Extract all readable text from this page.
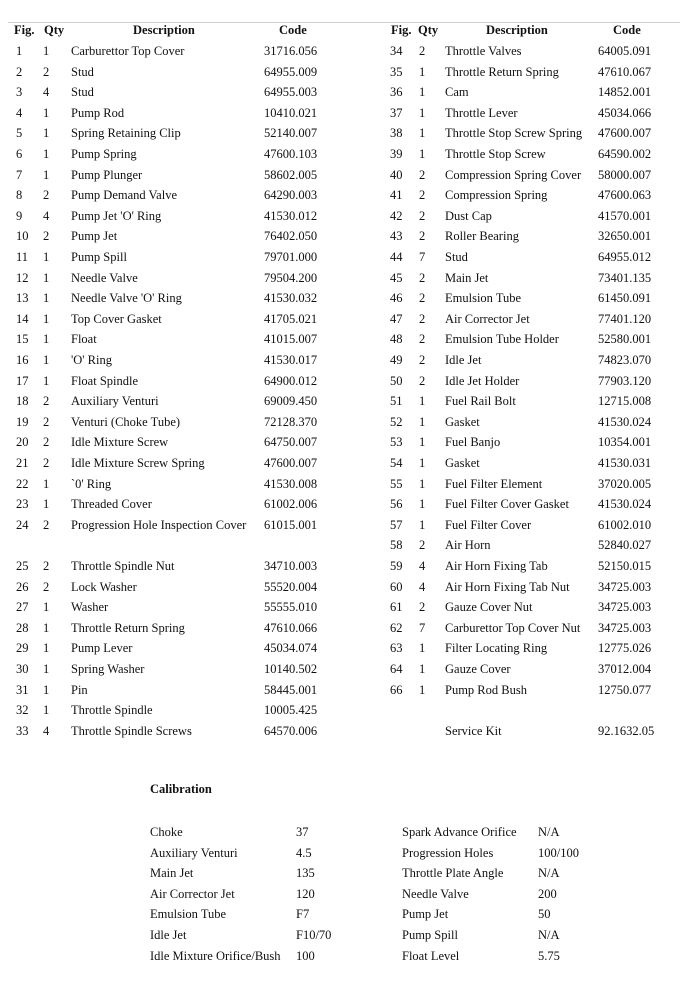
Fig. Qty	Description	Code
1 1 Carburettor Top Cover	31716.056
2 2 Stud	64955.009
3 4 Stud	64955.003
4 1 Pump Rod	10410.021
5 1 Spring Retaining Clip	52140.007
6 1 Pump Spring	47600.103
7 1 Pump Plunger	58602.005
8 2 Pump Demand Valve	64290.003
9 4 Pump Jet 'O' Ring	41530.012
10 2 Pump Jet	76402.050
11 1 Pump Spill	79701.000
12 1 Needle Valve	79504.200
13 1 Needle Valve 'O' Ring	41530.032
14 1 Top Cover Gasket	41705.021
15 1 Float	41015.007
16 1 'O' Ring	41530.017
17 1 Float Spindle	64900.012
18 2 Auxiliary Venturi	69009.450
19 2 Venturi (Choke Tube)	72128.370
20 2 Idle Mixture Screw	64750.007
21 2 Idle Mixture Screw Spring	47600.007
22 1 `0' Ring	41530.008
23 1 Threaded Cover	61002.006
24 2 Progression Hole Inspection Cover 61015.001
25 2 Throttle Spindle Nut	34710.003
26 2 Lock Washer	55520.004
27 1 Washer	55555.010
28 1 Throttle Return Spring	47610.066
29 1 Pump Lever	45034.074
30 1 Spring Washer	10140.502
31 1 Pin	58445.001
32 1 Throttle Spindle	10005.425
33 4 Throttle Spindle Screws	64570.006
Fig. Qty	Description	Code
34 2 Throttle Valves	64005.091
35 1 Throttle Return Spring	47610.067
36 1 Cam	14852.001
37 1 Throttle Lever	45034.066
38 1 Throttle Stop Screw Spring 47600.007
39 1 Throttle Stop Screw	64590.002
40 2 Compression Spring Cover 58000.007
41 2 Compression Spring	47600.063
42 2 Dust Cap	41570.001
43 2 Roller Bearing	32650.001
44 7 Stud	64955.012
45 2 Main Jet	73401.135
46 2 Emulsion Tube	61450.091
47 2 Air Corrector Jet	77401.120
48 2 Emulsion Tube Holder	52580.001
49 2 Idle Jet	74823.070
50 2 Idle Jet Holder	77903.120
51 1 Fuel Rail Bolt	12715.008
52 1 Gasket	41530.024
53 1 Fuel Banjo	10354.001
54 1 Gasket	41530.031
55 1 Fuel Filter Element	37020.005
56 1 Fuel Filter Cover Gasket 41530.024
57 1 Fuel Filter Cover	61002.010
58 2 Air Horn	52840.027
59 4 Air Horn Fixing Tab	52150.015
60 4 Air Horn Fixing Tab Nut 34725.003
61 2 Gauze Cover Nut	34725.003
62 7 Carburettor Top Cover Nut 34725.003
63 1 Filter Locating Ring	12775.026
64 1 Gauze Cover	37012.004
66 1 Pump Rod Bush	12750.077
Service Kit	92.1632.05
Calibration
Choke	37
Auxiliary Venturi	4.5
Main Jet	135
Air Corrector Jet	120
Emulsion Tube	F7
Idle Jet	F10/70
Idle Mixture Orifice/Bush 100
Spark Advance Orifice N/A
Progression Holes	100/100
Throttle Plate Angle	N/A
Needle Valve	200
Pump Jet	50
Pump Spill	N/A
Float Level	5.75
